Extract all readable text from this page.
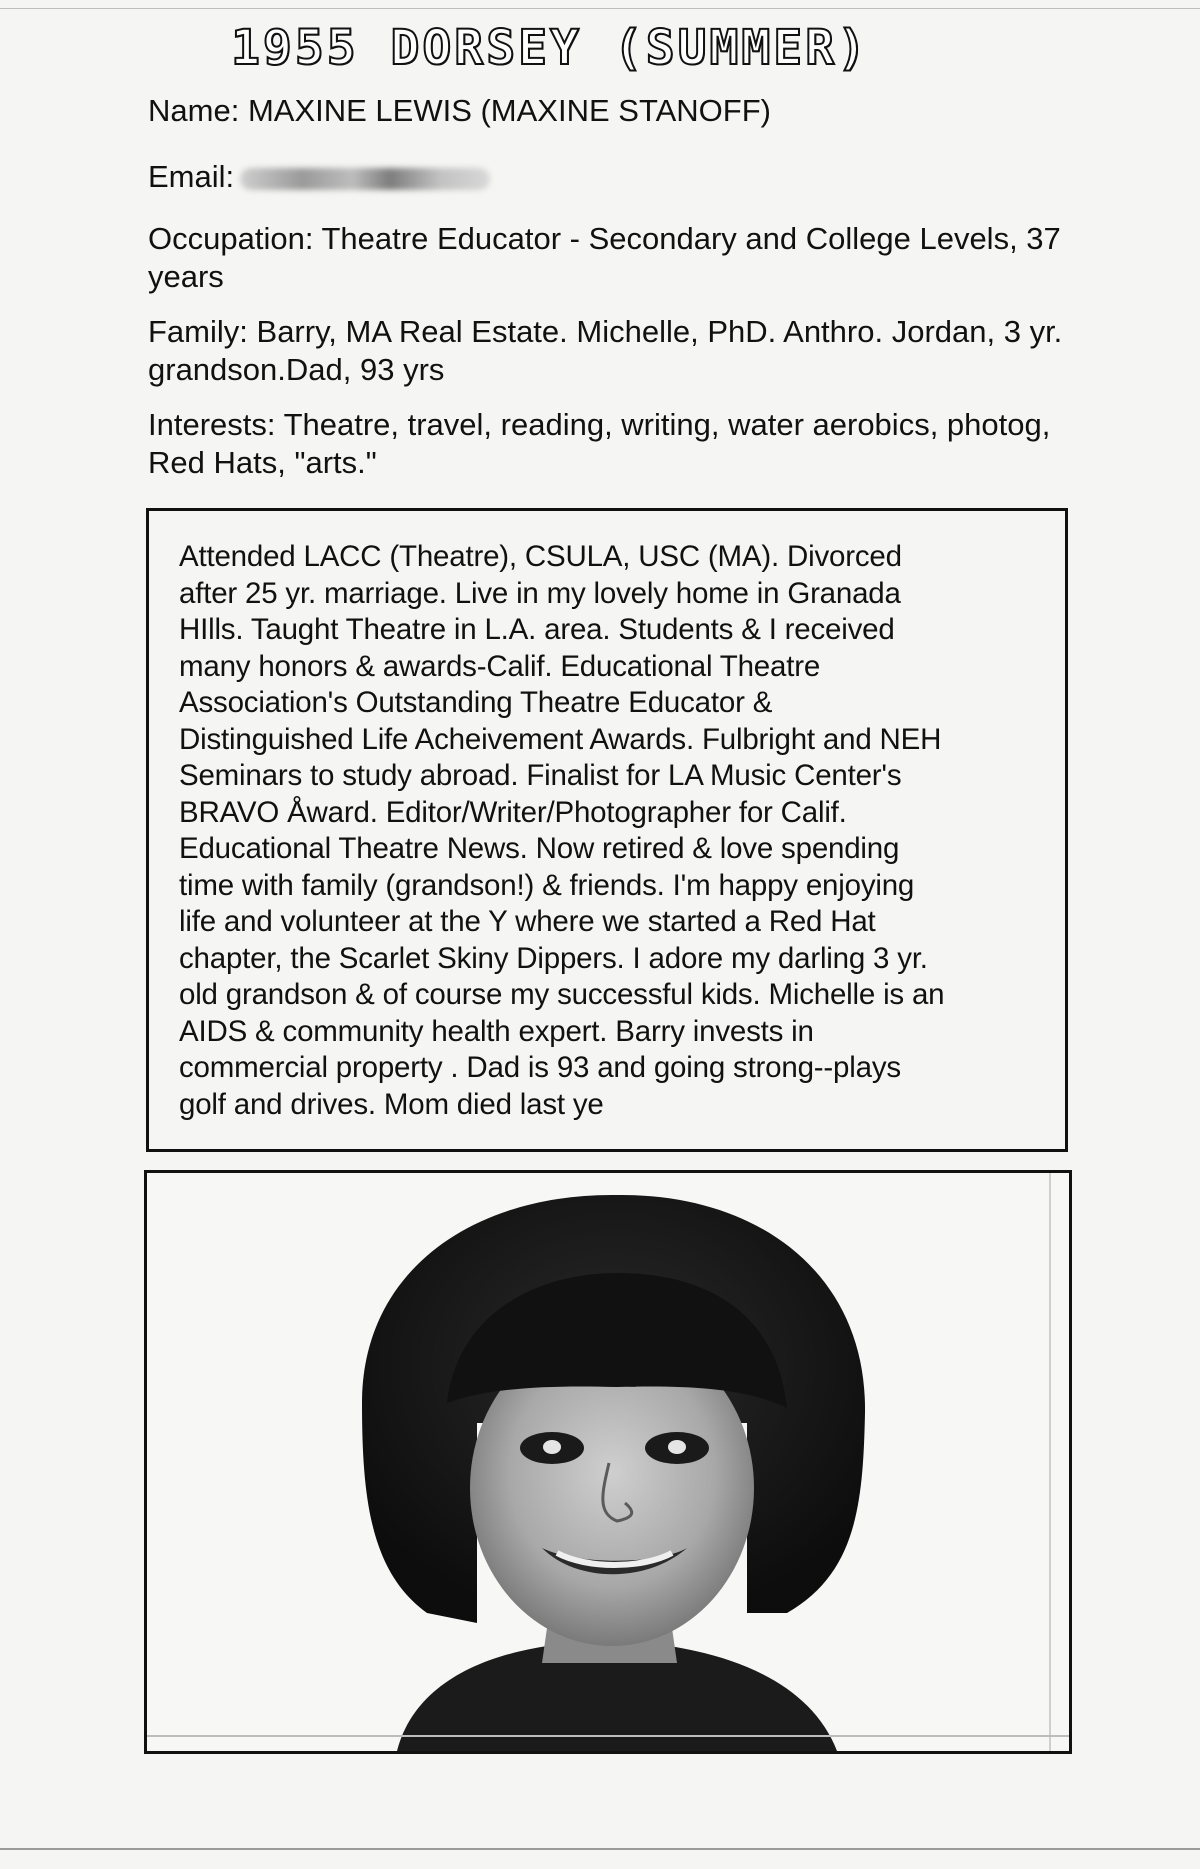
1955 DORSEY (SUMMER)
Name: MAXINE LEWIS (MAXINE STANOFF)
Email:
Occupation: Theatre Educator - Secondary and College Levels, 37 years
Family: Barry, MA Real Estate. Michelle, PhD. Anthro. Jordan, 3 yr. grandson.Dad, 93 yrs
Interests: Theatre, travel, reading, writing, water aerobics, photog, Red Hats, "arts."
Attended LACC (Theatre), CSULA, USC (MA). Divorced
after 25 yr. marriage. Live in my lovely home in Granada
HIlls. Taught Theatre in L.A. area. Students & I received
many honors & awards-Calif. Educational Theatre
Association's Outstanding Theatre Educator &
Distinguished Life Acheivement Awards. Fulbright and NEH
Seminars to study abroad. Finalist for LA Music Center's
BRAVO Åward. Editor/Writer/Photographer for Calif.
Educational Theatre News. Now retired & love spending
time with family (grandson!) & friends. I'm happy enjoying
life and volunteer at the Y where we started a Red Hat
chapter, the Scarlet Skiny Dippers. I adore my darling 3 yr.
old grandson & of course my successful kids. Michelle is an
AIDS & community health expert. Barry invests in
commercial property . Dad is 93 and going strong--plays
golf and drives. Mom died last ye
